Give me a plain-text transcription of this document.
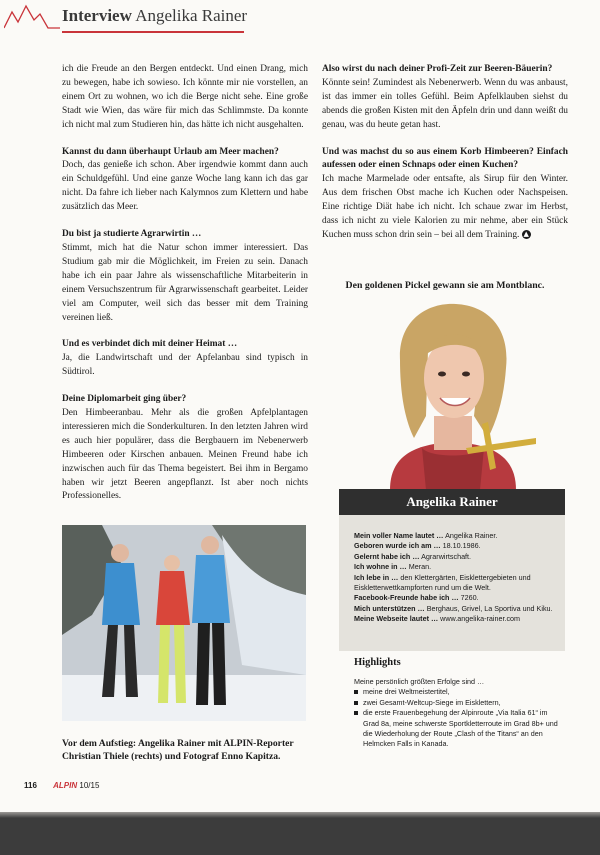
Interview Angelika Rainer

ich die Freude an den Bergen entdeckt. Und einen Drang, mich zu bewegen, habe ich sowieso. Ich könnte mir nie vorstellen, an einem Ort zu wohnen, wo ich die Berge nicht sehe. Eine große Stadt wie Wien, das wäre für mich das Schlimmste. Da konnte ich nicht mal zum Studieren hin, das hätte ich nicht ausgehalten.

Kannst du dann überhaupt Urlaub am Meer machen?

Doch, das genieße ich schon. Aber irgendwie kommt dann auch ein Schuldgefühl. Und eine ganze Woche lang kann ich das gar nicht. Da fahre ich lieber nach Kalymnos zum Klettern und habe zusätzlich das Meer.

Du bist ja studierte Agrarwirtin …

Stimmt, mich hat die Natur schon immer interessiert. Das Studium gab mir die Möglichkeit, im Freien zu sein. Danach habe ich ein paar Jahre als wissenschaftliche Mitarbeiterin in einem Versuchszentrum für Agrarwissenschaft gearbeitet. Leider viel am Computer, weil sich das besser mit dem Training vereinen ließ.

Und es verbindet dich mit deiner Heimat …

Ja, die Landwirtschaft und der Apfelanbau sind typisch in Südtirol.

Deine Diplomarbeit ging über?

Den Himbeeranbau. Mehr als die großen Apfelplantagen interessieren mich die Sonderkulturen. In den letzten Jahren wird es auch hier populärer, dass die Bergbauern im Nebenerwerb Himbeeren oder Kirschen anbauen. Meinen Freund habe ich inzwischen auch für das Thema begeistert. Bei ihm in Bergamo haben wir jetzt Beeren angepflanzt. Ist aber noch nichts Professionelles.

Also wirst du nach deiner Profi-Zeit zur Beeren-Bäuerin?

Könnte sein! Zumindest als Nebenerwerb. Wenn du was anbaust, ist das immer ein tolles Gefühl. Beim Apfelklauben siehst du abends die großen Kisten mit den Äpfeln drin und dann weißt du genau, was du heute getan hast.

Und was machst du so aus einem Korb Himbeeren? Einfach aufessen oder einen Schnaps oder einen Kuchen?

Ich mache Marmelade oder entsafte, als Sirup für den Winter. Aus dem frischen Obst mache ich Kuchen oder Nachspeisen. Eine richtige Diät habe ich nicht. Ich schaue zwar im Herbst, dass ich nicht zu viele Kalorien zu mir nehme, aber ein Stück Kuchen muss schon drin sein – bei all dem Training. ▲

Den goldenen Pickel gewann sie am Montblanc.
Vor dem Aufstieg: Angelika Rainer mit ALPIN-Reporter Christian Thiele (rechts) und Fotograf Enno Kapitza.
Angelika Rainer
Mein voller Name lautet … Angelika Rainer.
Geboren wurde ich am … 18.10.1986.
Gelernt habe ich … Agrarwirtschaft.
Ich wohne in … Meran.
Ich lebe in … den Klettergärten, Eisklettergebieten und Eiskletterwettkampforten rund um die Welt.
Facebook-Freunde habe ich … 7260.
Mich unterstützen … Berghaus, Grivel, La Sportiva und Kiku.
Meine Webseite lautet … www.angelika-rainer.com
Highlights
Meine persönlich größten Erfolge sind …
meine drei Weltmeistertitel,
zwei Gesamt-Weltcup-Siege im Eisklettern,
die erste Frauenbegehung der Alpinroute „Via Italia 61“ im Grad 8a, meine schwerste Sportkletterroute im Grad 8b+ und die Wiederholung der Route „Clash of the Titans“ an den Helmcken Falls in Kanada.
116 ALPIN 10/15
